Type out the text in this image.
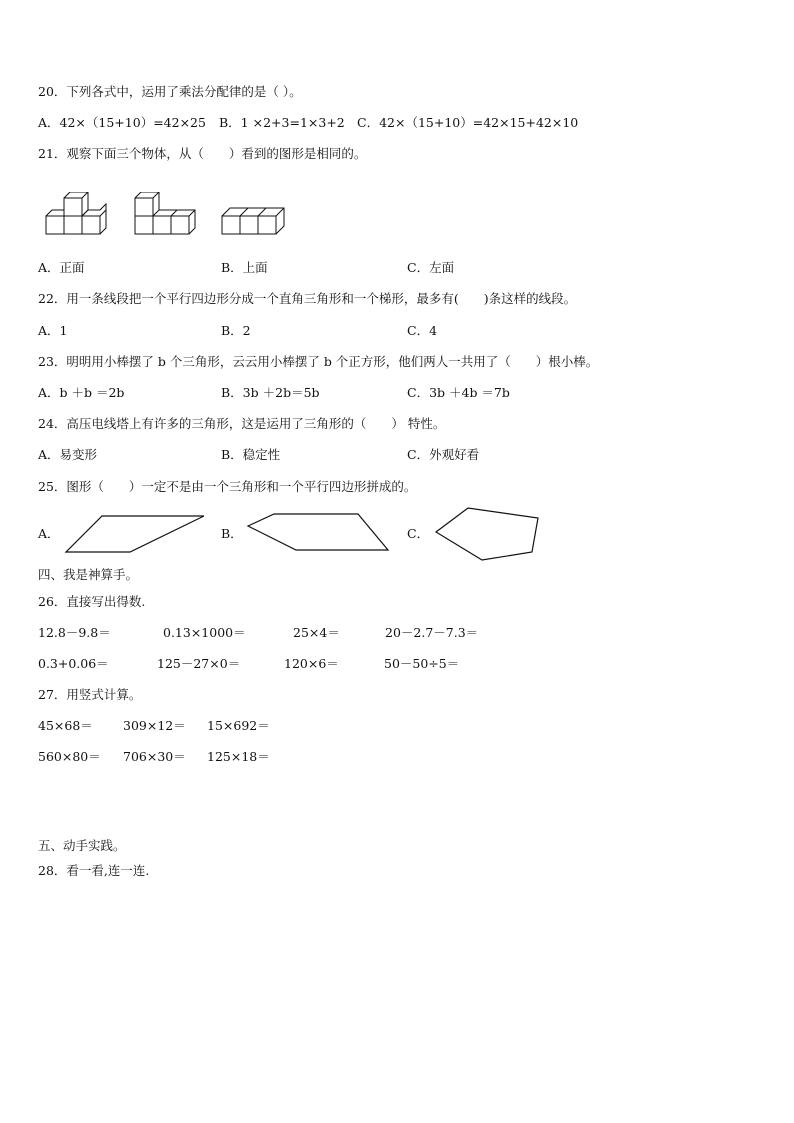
20．下列各式中，运用了乘法分配律的是（ ）。
A．42×（15+10）=42×25 B．1 ×2+3=1×3+2 C．42×（15+10）=42×15+42×10
21．观察下面三个物体，从（　　）看到的图形是相同的。
A．正面	B．上面	C．左面
22．用一条线段把一个平行四边形分成一个直角三角形和一个梯形，最多有(　　)条这样的线段。
A．1	B．2	C．4
23．明明用小棒摆了 b 个三角形，云云用小棒摆了 b 个正方形，他们两人一共用了（　　）根小棒。
A．b ＋b ＝2b	B．3b ＋2b＝5b	C．3b ＋4b ＝7b
24．高压电线塔上有许多的三角形，这是运用了三角形的（　　） 特性。
A．易变形	B．稳定性	C．外观好看
25．图形（　　）一定不是由一个三角形和一个平行四边形拼成的。
A．	B．	C．
四、我是神算手。
26．直接写出得数.
12.8－9.8＝	0.13×1000＝	25×4＝	20－2.7－7.3＝
0.3+0.06＝	125－27×0＝	120×6＝	50－50÷5＝
27．用竖式计算。
45×68＝ 309×12＝ 15×692＝
560×80＝ 706×30＝ 125×18＝
五、动手实践。
28．看一看,连一连.
